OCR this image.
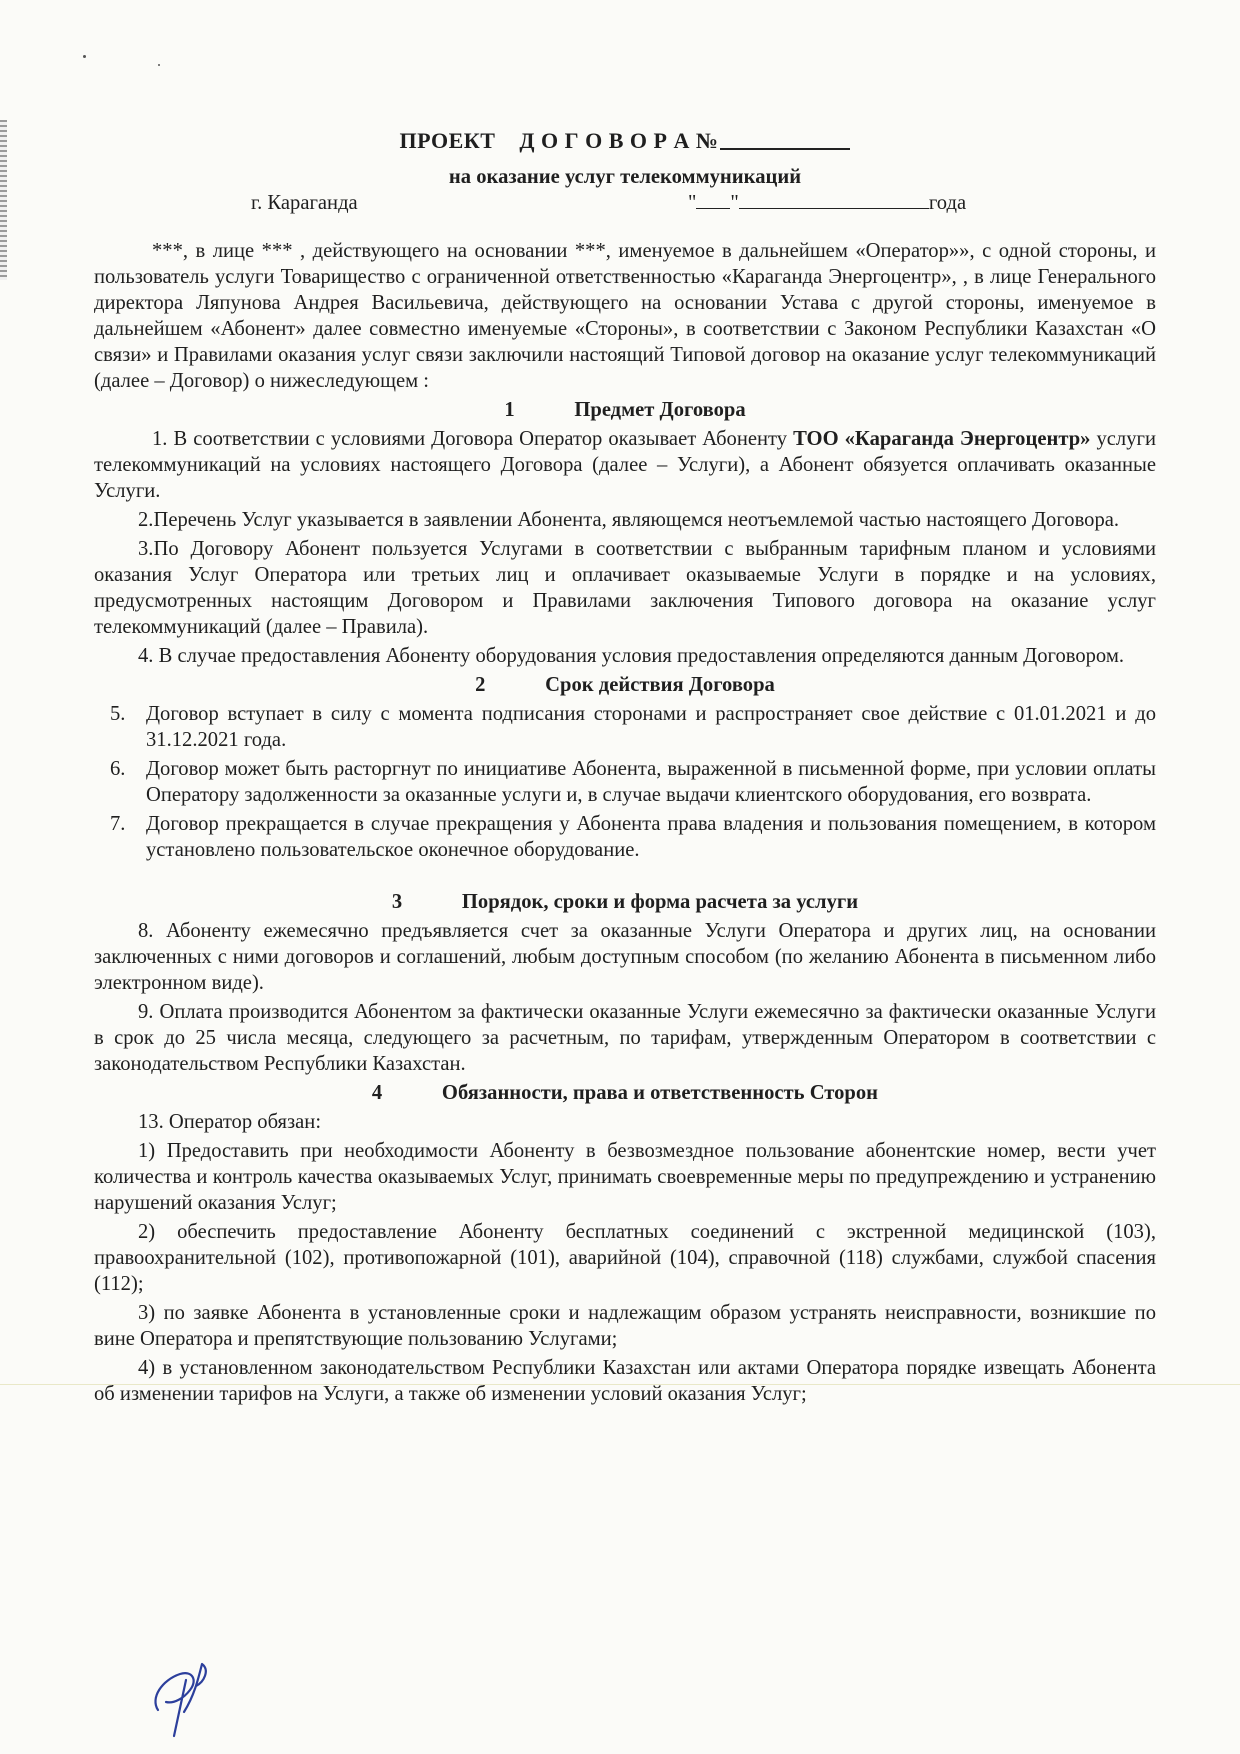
ПРОЕКТ Д О Г О В О Р А №
на оказание услуг телекоммуникаций
г. Караганда	" "	года

***, в лице *** , действующего на основании ***, именуемое в дальнейшем «Оператор»», с одной стороны, и пользователь услуги Товарищество с ограниченной ответственностью «Караганда Энергоцентр», , в лице Генерального директора Ляпунова Андрея Васильевича, действующего на основании Устава с другой стороны, именуемое в дальнейшем «Абонент» далее совместно именуемые «Стороны», в соответствии с Законом Республики Казахстан «О связи» и Правилами оказания услуг связи заключили настоящий Типовой договор на оказание услуг телекоммуникаций (далее – Договор) о нижеследующем :

1	Предмет Договора

1. В соответствии с условиями Договора Оператор оказывает Абоненту ТОО «Караганда Энергоцентр» услуги телекоммуникаций на условиях настоящего Договора (далее – Услуги), а Абонент обязуется оплачивать оказанные Услуги.

2.Перечень Услуг указывается в заявлении Абонента, являющемся неотъемлемой частью настоящего Договора.

3.По Договору Абонент пользуется Услугами в соответствии с выбранным тарифным планом и условиями оказания Услуг Оператора или третьих лиц и оплачивает оказываемые Услуги в порядке и на условиях, предусмотренных настоящим Договором и Правилами заключения Типового договора на оказание услуг телекоммуникаций (далее – Правила).

4. В случае предоставления Абоненту оборудования условия предоставления определяются данным Договором.

2	Срок действия Договора

5. Договор вступает в силу с момента подписания сторонами и распространяет свое действие с 01.01.2021 и до 31.12.2021 года.

6. Договор может быть расторгнут по инициативе Абонента, выраженной в письменной форме, при условии оплаты Оператору задолженности за оказанные услуги и, в случае выдачи клиентского оборудования, его возврата.

7. Договор прекращается в случае прекращения у Абонента права владения и пользования помещением, в котором установлено пользовательское оконечное оборудование.

3	Порядок, сроки и форма расчета за услуги

8. Абоненту ежемесячно предъявляется счет за оказанные Услуги Оператора и других лиц, на основании заключенных с ними договоров и соглашений, любым доступным способом (по желанию Абонента в письменном либо электронном виде).

9. Оплата производится Абонентом за фактически оказанные Услуги ежемесячно за фактически оказанные Услуги в срок до 25 числа месяца, следующего за расчетным, по тарифам, утвержденным Оператором в соответствии с законодательством Республики Казахстан.

4	Обязанности, права и ответственность Сторон

13. Оператор обязан:

1) Предоставить при необходимости Абоненту в безвозмездное пользование абонентские номер, вести учет количества и контроль качества оказываемых Услуг, принимать своевременные меры по предупреждению и устранению нарушений оказания Услуг;

2) обеспечить предоставление Абоненту бесплатных соединений с экстренной медицинской (103), правоохранительной (102), противопожарной (101), аварийной (104), справочной (118) службами, службой спасения (112);

3) по заявке Абонента в установленные сроки и надлежащим образом устранять неисправности, возникшие по вине Оператора и препятствующие пользованию Услугами;

4) в установленном законодательством Республики Казахстан или актами Оператора порядке извещать Абонента об изменении тарифов на Услуги, а также об изменении условий оказания Услуг;
